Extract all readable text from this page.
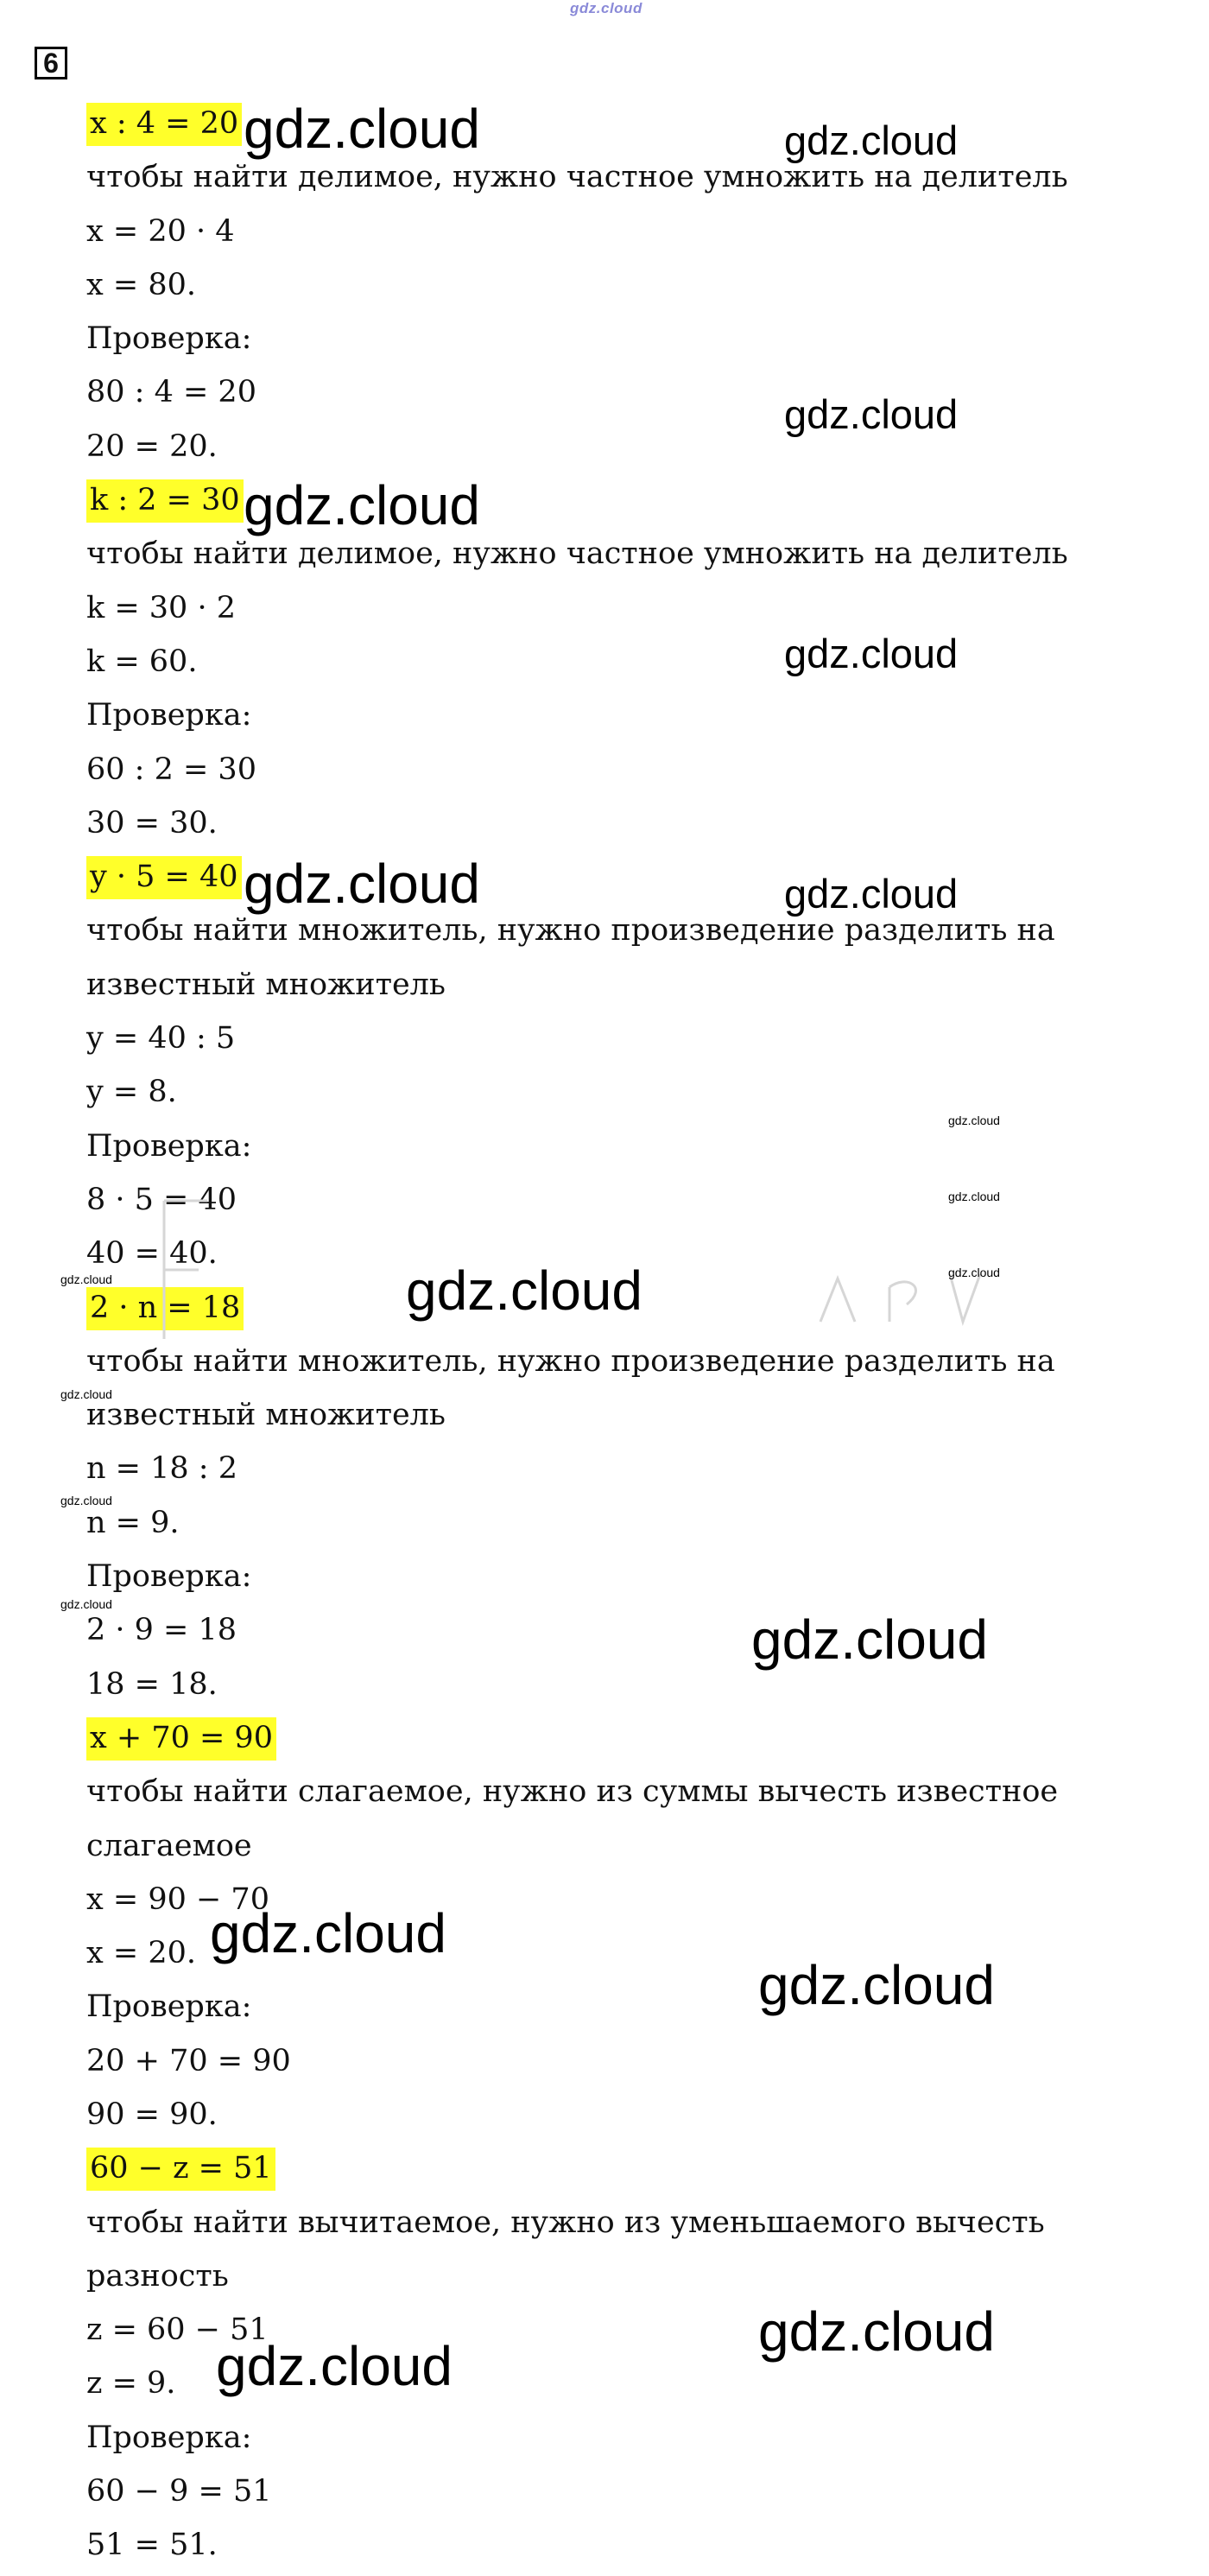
gdz.cloud
6
x : 4 = 20
чтобы найти делимое, нужно частное умножить на делитель
x = 20 · 4
x = 80.
Проверка:
80 : 4 = 20
20 = 20.
k : 2 = 30
чтобы найти делимое, нужно частное умножить на делитель
k = 30 · 2
k = 60.
Проверка:
60 : 2 = 30
30 = 30.
y · 5 = 40
чтобы найти множитель, нужно произведение разделить на
известный множитель
y = 40 : 5
y = 8.
Проверка:
8 · 5 = 40
40 = 40.
2 · n = 18
чтобы найти множитель, нужно произведение разделить на
известный множитель
n = 18 : 2
n = 9.
Проверка:
2 · 9 = 18
18 = 18.
x + 70 = 90
чтобы найти слагаемое, нужно из суммы вычесть известное
слагаемое
x = 90 − 70
x = 20.
Проверка:
20 + 70 = 90
90 = 90.
60 − z = 51
чтобы найти вычитаемое, нужно из уменьшаемого вычесть
разность
z = 60 − 51
z = 9.
Проверка:
60 − 9 = 51
51 = 51.
gdz.cloud	gdz.cloud
gdz.cloud
gdz.cloud
gdz.cloud
gdz.cloud	gdz.cloud
gdz.cloud
gdz.cloud
gdz.cloud
gdz.cloud	gdz.cloud
gdz.cloud
gdz.cloud
gdz.cloud
gdz.cloud
gdz.cloud
gdz.cloud
gdz.cloud
gdz.cloud
